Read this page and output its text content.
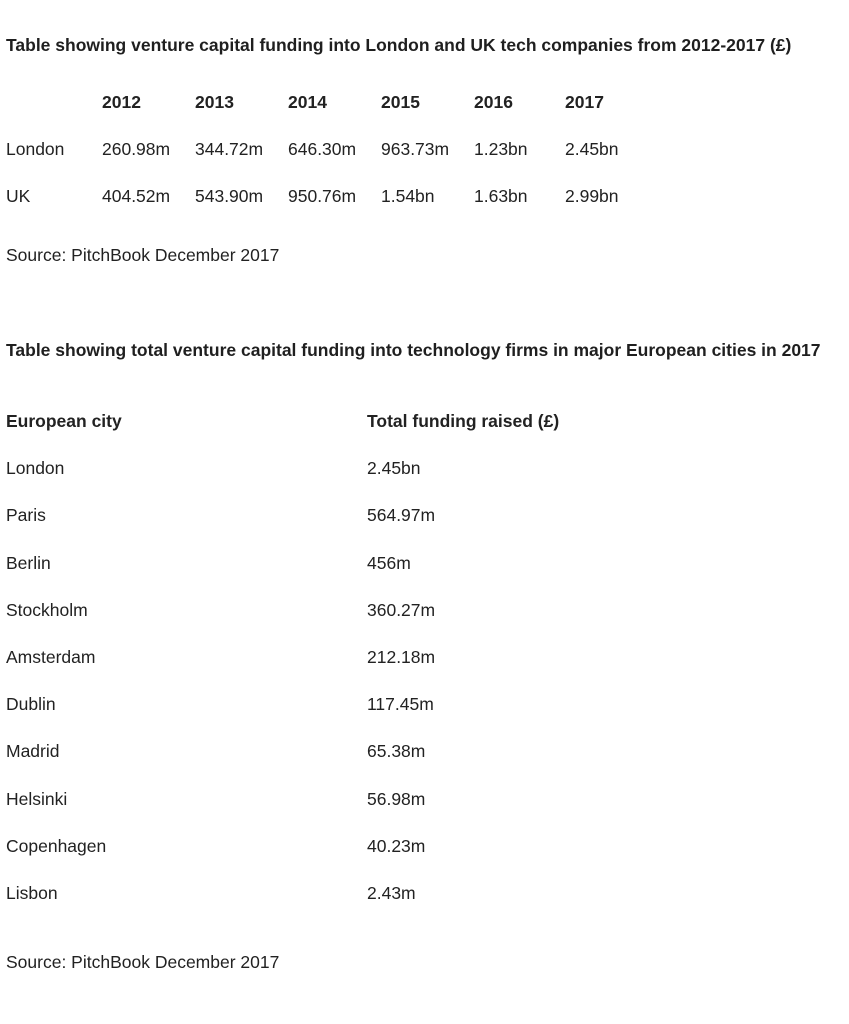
Table showing venture capital funding into London and UK tech companies from 2012-2017 (£)
	2012	2013	2014	2015	2016	2017
London	260.98m	344.72m	646.30m	963.73m	1.23bn	2.45bn
UK	404.52m	543.90m	950.76m	1.54bn	1.63bn	2.99bn
Source: PitchBook December 2017
Table showing total venture capital funding into technology firms in major European cities in 2017
European city	Total funding raised (£)
London	2.45bn
Paris	564.97m
Berlin	456m
Stockholm	360.27m
Amsterdam	212.18m
Dublin	117.45m
Madrid	65.38m
Helsinki	56.98m
Copenhagen	40.23m
Lisbon	2.43m
Source: PitchBook December 2017
